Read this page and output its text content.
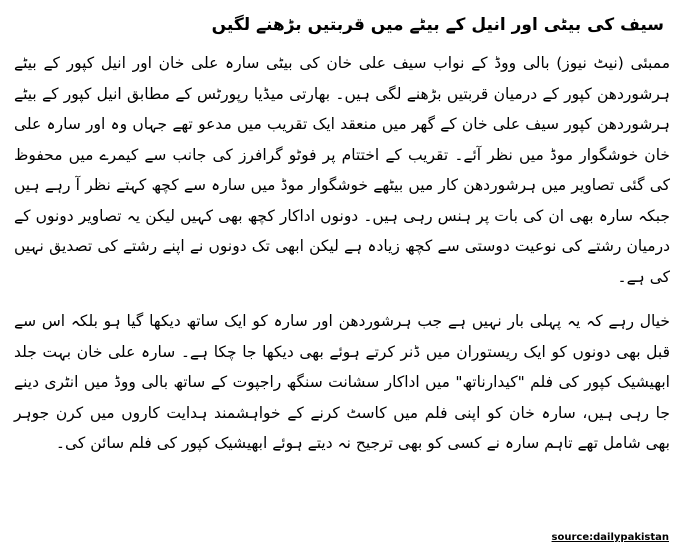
سیف کی بیٹی اور انیل کے بیٹے میں قربتیں بڑھنے لگیں

ممبئی (نیٹ نیوز) بالی ووڈ کے نواب سیف علی خان کی بیٹی سارہ علی خان اور انیل کپور کے بیٹے ہرشوردھن کپور کے درمیان قربتیں بڑھنے لگی ہیں۔ بھارتی میڈیا رپورٹس کے مطابق انیل کپور کے بیٹے ہرشوردھن کپور سیف علی خان کے گھر میں منعقد ایک تقریب میں مدعو تھے جہاں وہ اور سارہ علی خان خوشگوار موڈ میں نظر آئے۔ تقریب کے اختتام پر فوٹو گرافرز کی جانب سے کیمرے میں محفوظ کی گئی تصاویر میں ہرشوردھن کار میں بیٹھے خوشگوار موڈ میں سارہ سے کچھ کہتے نظر آ رہے ہیں جبکہ سارہ بھی ان کی بات پر ہنس رہی ہیں۔ دونوں اداکار کچھ بھی کہیں لیکن یہ تصاویر دونوں کے درمیان رشتے کی نوعیت دوستی سے کچھ زیادہ ہے لیکن ابھی تک دونوں نے اپنے رشتے کی تصدیق نہیں کی ہے۔

خیال رہے کہ یہ پہلی بار نہیں ہے جب ہرشوردھن اور سارہ کو ایک ساتھ دیکھا گیا ہو بلکہ اس سے قبل بھی دونوں کو ایک ریستوران میں ڈنر کرتے ہوئے بھی دیکھا جا چکا ہے۔ سارہ علی خان بہت جلد ابھیشیک کپور کی فلم "کیدارناتھ" میں اداکار سشانت سنگھ راجپوت کے ساتھ بالی ووڈ میں انٹری دینے جا رہی ہیں، سارہ خان کو اپنی فلم میں کاسٹ کرنے کے خواہشمند ہدایت کاروں میں کرن جوہر بھی شامل تھے تاہم سارہ نے کسی کو بھی ترجیح نہ دیتے ہوئے ابھیشیک کپور کی فلم سائن کی۔

source:dailypakistan
